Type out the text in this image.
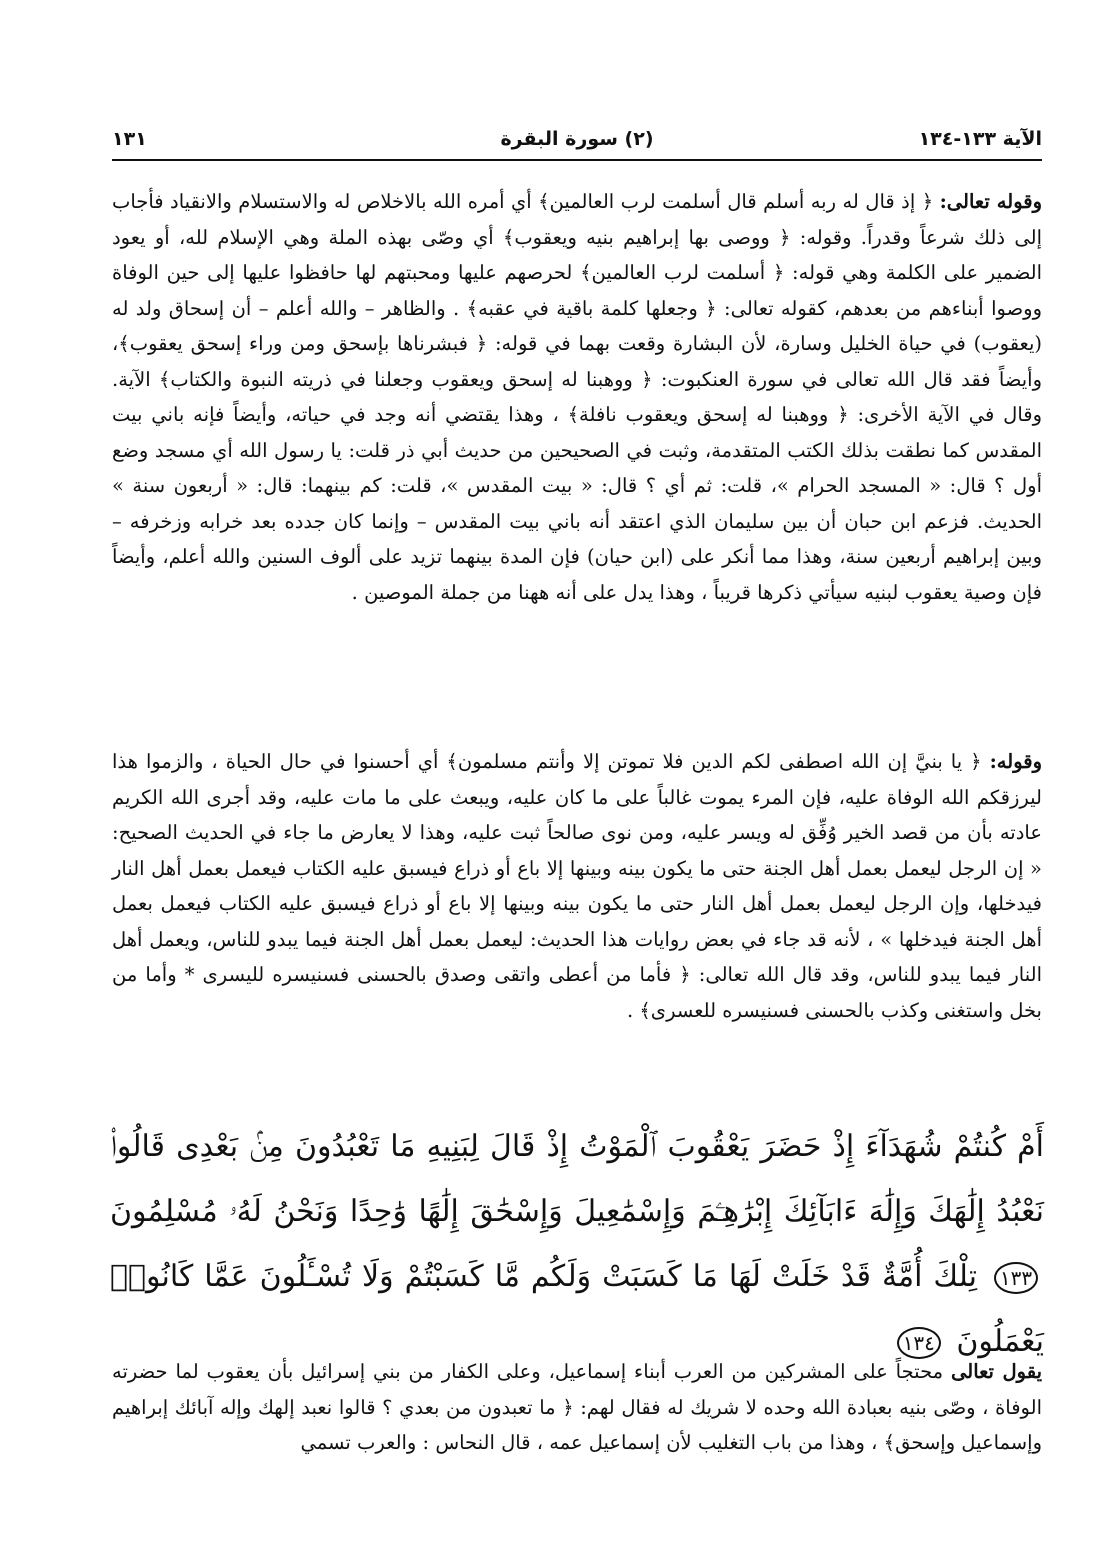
الآية ١٣٣-١٣٤
(٢) سورة البقرة
١٣١

وقوله تعالى: ﴿ إذ قال له ربه أسلم قال أسلمت لرب العالمين﴾ أي أمره الله بالاخلاص له والاستسلام والانقياد فأجاب إلى ذلك شرعاً وقدراً. وقوله: ﴿ ووصى بها إبراهيم بنيه ويعقوب﴾ أي وصّى بهذه الملة وهي الإسلام لله، أو يعود الضمير على الكلمة وهي قوله: ﴿ أسلمت لرب العالمين﴾ لحرصهم عليها ومحبتهم لها حافظوا عليها إلى حين الوفاة ووصوا أبناءهم من بعدهم، كقوله تعالى: ﴿ وجعلها كلمة باقية في عقبه﴾ . والظاهر – والله أعلم – أن إسحاق ولد له (يعقوب) في حياة الخليل وسارة، لأن البشارة وقعت بهما في قوله: ﴿ فبشرناها بإسحق ومن وراء إسحق يعقوب﴾، وأيضاً فقد قال الله تعالى في سورة العنكبوت: ﴿ ووهبنا له إسحق ويعقوب وجعلنا في ذريته النبوة والكتاب﴾ الآية. وقال في الآية الأخرى: ﴿ ووهبنا له إسحق ويعقوب نافلة﴾ ، وهذا يقتضي أنه وجد في حياته، وأيضاً فإنه باني بيت المقدس كما نطقت بذلك الكتب المتقدمة، وثبت في الصحيحين من حديث أبي ذر قلت: يا رسول الله أي مسجد وضع أول ؟ قال: « المسجد الحرام »، قلت: ثم أي ؟ قال: « بيت المقدس »، قلت: كم بينهما: قال: « أربعون سنة » الحديث. فزعم ابن حبان أن بين سليمان الذي اعتقد أنه باني بيت المقدس – وإنما كان جدده بعد خرابه وزخرفه – وبين إبراهيم أربعين سنة، وهذا مما أنكر على (ابن حيان) فإن المدة بينهما تزيد على ألوف السنين والله أعلم، وأيضاً فإن وصية يعقوب لبنيه سيأتي ذكرها قريباً ، وهذا يدل على أنه ههنا من جملة الموصين .

وقوله: ﴿ يا بنيَّ إن الله اصطفى لكم الدين فلا تموتن إلا وأنتم مسلمون﴾ أي أحسنوا في حال الحياة ، والزموا هذا ليرزقكم الله الوفاة عليه، فإن المرء يموت غالباً على ما كان عليه، ويبعث على ما مات عليه، وقد أجرى الله الكريم عادته بأن من قصد الخير وُفِّق له ويسر عليه، ومن نوى صالحاً ثبت عليه، وهذا لا يعارض ما جاء في الحديث الصحيح: « إن الرجل ليعمل بعمل أهل الجنة حتى ما يكون بينه وبينها إلا باع أو ذراع فيسبق عليه الكتاب فيعمل بعمل أهل النار فيدخلها، وإن الرجل ليعمل بعمل أهل النار حتى ما يكون بينه وبينها إلا باع أو ذراع فيسبق عليه الكتاب فيعمل بعمل أهل الجنة فيدخلها » ، لأنه قد جاء في بعض روايات هذا الحديث: ليعمل بعمل أهل الجنة فيما يبدو للناس، ويعمل أهل النار فيما يبدو للناس، وقد قال الله تعالى: ﴿ فأما من أعطى واتقى وصدق بالحسنى فسنيسره لليسرى * وأما من بخل واستغنى وكذب بالحسنى فسنيسره للعسرى﴾ .

أَمْ كُنتُمْ شُهَدَآءَ إِذْ حَضَرَ يَعْقُوبَ ٱلْمَوْتُ إِذْ قَالَ لِبَنِيهِ مَا تَعْبُدُونَ مِنۢ بَعْدِى قَالُوا۟ نَعْبُدُ إِلَٰهَكَ وَإِلَٰهَ ءَابَآئِكَ إِبْرَٰهِـۧمَ وَإِسْمَٰعِيلَ وَإِسْحَٰقَ إِلَٰهًا وَٰحِدًا وَنَحْنُ لَهُۥ مُسْلِمُونَ ١٣٣ تِلْكَ أُمَّةٌ قَدْ خَلَتْ لَهَا مَا كَسَبَتْ وَلَكُم مَّا كَسَبْتُمْ وَلَا تُسْـَٔلُونَ عَمَّا كَانُوا۟ يَعْمَلُونَ ١٣٤

يقول تعالى محتجاً على المشركين من العرب أبناء إسماعيل، وعلى الكفار من بني إسرائيل بأن يعقوب لما حضرته الوفاة ، وصّى بنيه بعبادة الله وحده لا شريك له فقال لهم: ﴿ ما تعبدون من بعدي ؟ قالوا نعبد إلهك وإله آبائك إبراهيم وإسماعيل وإسحق﴾ ، وهذا من باب التغليب لأن إسماعيل عمه ، قال النحاس : والعرب تسمي
